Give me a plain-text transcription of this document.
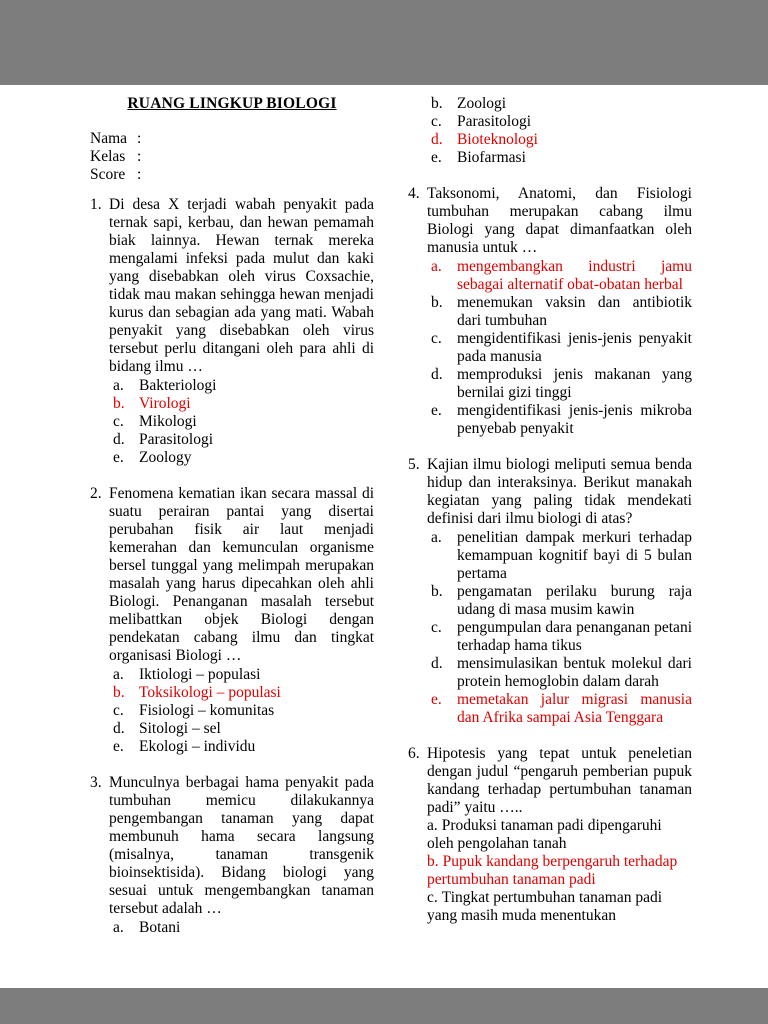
RUANG LINGKUP BIOLOGI
Nama :
Kelas :
Score :
1. Di desa X terjadi wabah penyakit pada ternak sapi, kerbau, dan hewan pemamah biak lainnya. Hewan ternak mereka mengalami infeksi pada mulut dan kaki yang disebabkan oleh virus Coxsachie, tidak mau makan sehingga hewan menjadi kurus dan sebagian ada yang mati. Wabah penyakit yang disebabkan oleh virus tersebut perlu ditangani oleh para ahli di bidang ilmu …
a. Bakteriologi
b. Virologi
c. Mikologi
d. Parasitologi
e. Zoology
2. Fenomena kematian ikan secara massal di suatu perairan pantai yang disertai perubahan fisik air laut menjadi kemerahan dan kemunculan organisme bersel tunggal yang melimpah merupakan masalah yang harus dipecahkan oleh ahli Biologi. Penanganan masalah tersebut melibattkan objek Biologi dengan pendekatan cabang ilmu dan tingkat organisasi Biologi …
a. Iktiologi – populasi
b. Toksikologi – populasi
c. Fisiologi – komunitas
d. Sitologi – sel
e. Ekologi – individu
3. Munculnya berbagai hama penyakit pada tumbuhan memicu dilakukannya pengembangan tanaman yang dapat membunuh hama secara langsung (misalnya, tanaman transgenik bioinsektisida). Bidang biologi yang sesuai untuk mengembangkan tanaman tersebut adalah …
a. Botani
b. Zoologi
c. Parasitologi
d. Bioteknologi
e. Biofarmasi
4. Taksonomi, Anatomi, dan Fisiologi tumbuhan merupakan cabang ilmu Biologi yang dapat dimanfaatkan oleh manusia untuk …
a. mengembangkan industri jamu sebagai alternatif obat-obatan herbal
b. menemukan vaksin dan antibiotik dari tumbuhan
c. mengidentifikasi jenis-jenis penyakit pada manusia
d. memproduksi jenis makanan yang bernilai gizi tinggi
e. mengidentifikasi jenis-jenis mikroba penyebab penyakit
5. Kajian ilmu biologi meliputi semua benda hidup dan interaksinya. Berikut manakah kegiatan yang paling tidak mendekati definisi dari ilmu biologi di atas?
a. penelitian dampak merkuri terhadap kemampuan kognitif bayi di 5 bulan pertama
b. pengamatan perilaku burung raja udang di masa musim kawin
c. pengumpulan dara penanganan petani terhadap hama tikus
d. mensimulasikan bentuk molekul dari protein hemoglobin dalam darah
e. memetakan jalur migrasi manusia dan Afrika sampai Asia Tenggara
6. Hipotesis yang tepat untuk peneletian dengan judul “pengaruh pemberian pupuk kandang terhadap pertumbuhan tanaman padi” yaitu …..
a. Produksi tanaman padi dipengaruhi oleh pengolahan tanah
b. Pupuk kandang berpengaruh terhadap pertumbuhan tanaman padi
c. Tingkat pertumbuhan tanaman padi yang masih muda menentukan
